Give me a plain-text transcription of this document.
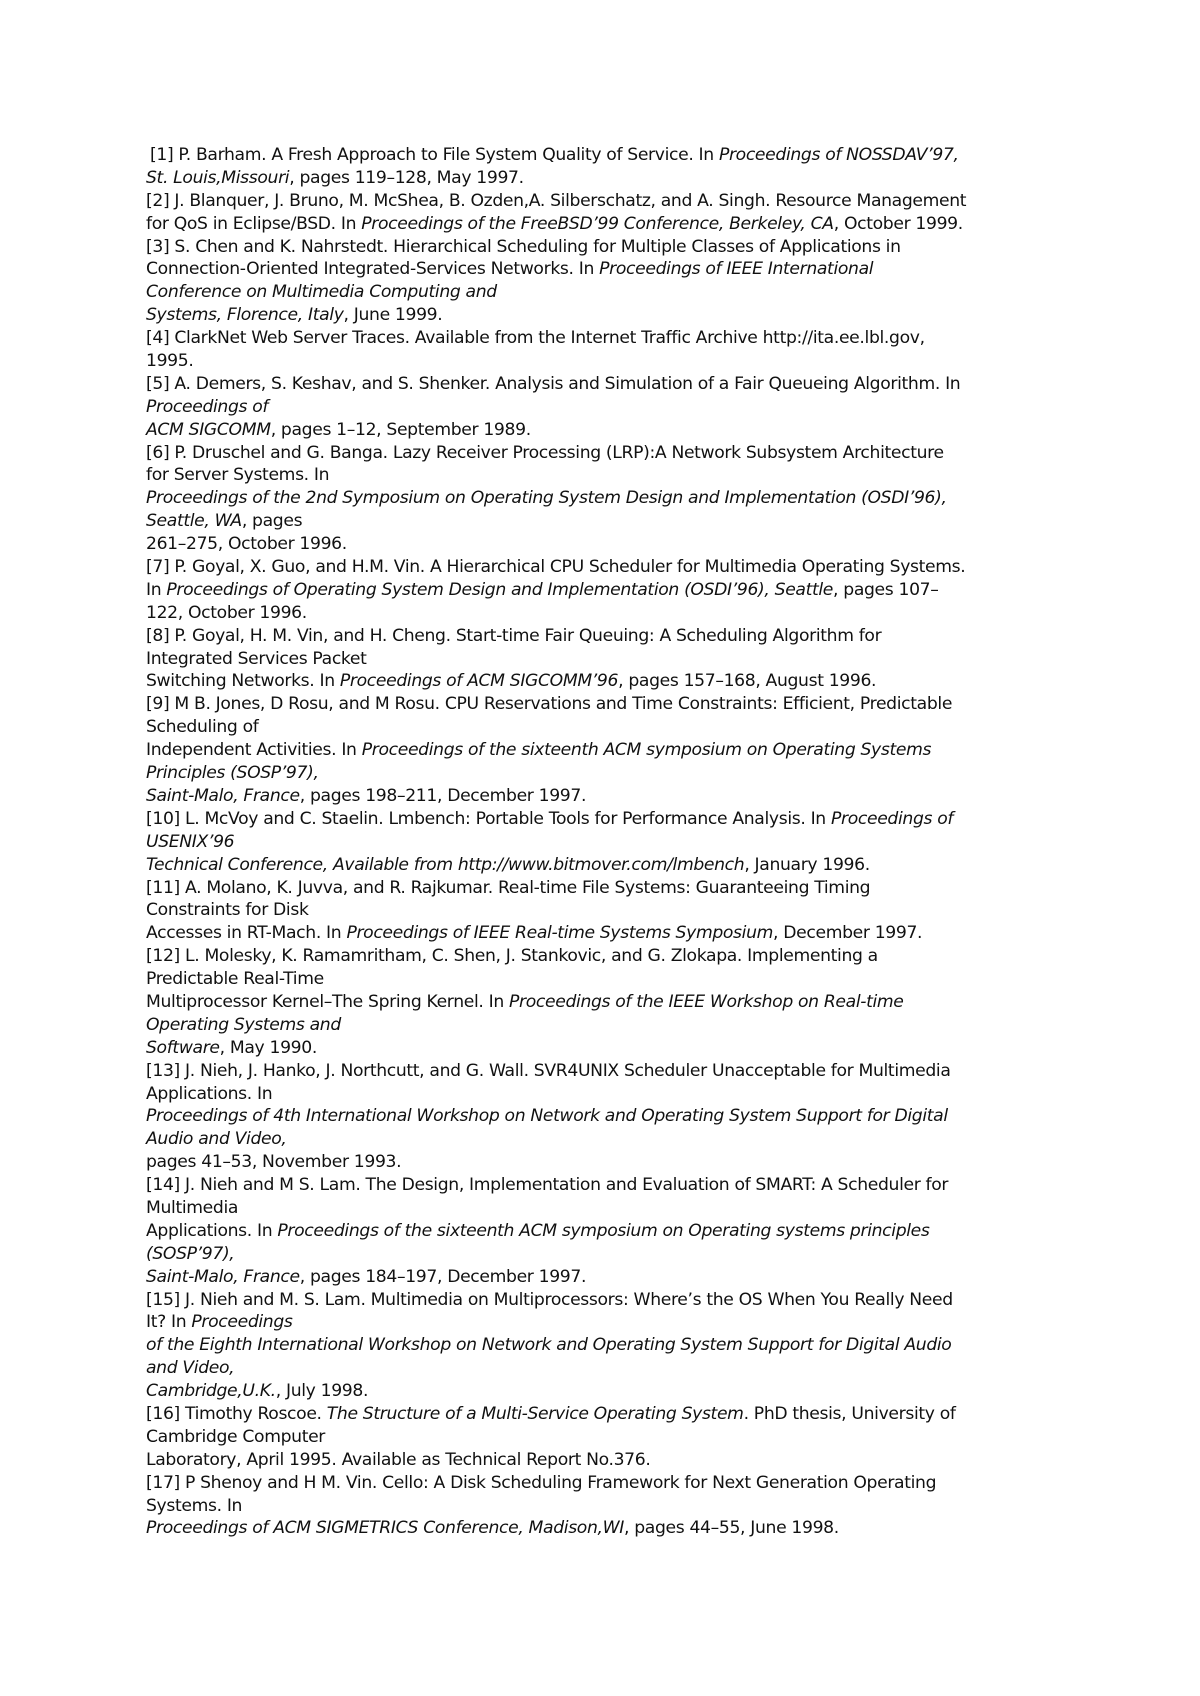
[1] P. Barham. A Fresh Approach to File System Quality of Service. In Proceedings of NOSSDAV’97,
St. Louis,Missouri, pages 119–128, May 1997.
[2] J. Blanquer, J. Bruno, M. McShea, B. Ozden,A. Silberschatz, and A. Singh. Resource Management
for QoS in Eclipse/BSD. In Proceedings of the FreeBSD’99 Conference, Berkeley, CA, October 1999.
[3] S. Chen and K. Nahrstedt. Hierarchical Scheduling for Multiple Classes of Applications in
Connection-Oriented Integrated-Services Networks. In Proceedings of IEEE International
Conference on Multimedia Computing and
Systems, Florence, Italy, June 1999.
[4] ClarkNet Web Server Traces. Available from the Internet Traffic Archive http://ita.ee.lbl.gov,
1995.
[5] A. Demers, S. Keshav, and S. Shenker. Analysis and Simulation of a Fair Queueing Algorithm. In
Proceedings of
ACM SIGCOMM, pages 1–12, September 1989.
[6] P. Druschel and G. Banga. Lazy Receiver Processing (LRP):A Network Subsystem Architecture
for Server Systems. In
Proceedings of the 2nd Symposium on Operating System Design and Implementation (OSDI’96),
Seattle, WA, pages
261–275, October 1996.
[7] P. Goyal, X. Guo, and H.M. Vin. A Hierarchical CPU Scheduler for Multimedia Operating Systems.
In Proceedings of Operating System Design and Implementation (OSDI’96), Seattle, pages 107–
122, October 1996.
[8] P. Goyal, H. M. Vin, and H. Cheng. Start-time Fair Queuing: A Scheduling Algorithm for
Integrated Services Packet
Switching Networks. In Proceedings of ACM SIGCOMM’96, pages 157–168, August 1996.
[9] M B. Jones, D Rosu, and M Rosu. CPU Reservations and Time Constraints: Efficient, Predictable
Scheduling of
Independent Activities. In Proceedings of the sixteenth ACM symposium on Operating Systems
Principles (SOSP’97),
Saint-Malo, France, pages 198–211, December 1997.
[10] L. McVoy and C. Staelin. Lmbench: Portable Tools for Performance Analysis. In Proceedings of
USENIX’96
Technical Conference, Available from http://www.bitmover.com/lmbench, January 1996.
[11] A. Molano, K. Juvva, and R. Rajkumar. Real-time File Systems: Guaranteeing Timing
Constraints for Disk
Accesses in RT-Mach. In Proceedings of IEEE Real-time Systems Symposium, December 1997.
[12] L. Molesky, K. Ramamritham, C. Shen, J. Stankovic, and G. Zlokapa. Implementing a
Predictable Real-Time
Multiprocessor Kernel–The Spring Kernel. In Proceedings of the IEEE Workshop on Real-time
Operating Systems and
Software, May 1990.
[13] J. Nieh, J. Hanko, J. Northcutt, and G. Wall. SVR4UNIX Scheduler Unacceptable for Multimedia
Applications. In
Proceedings of 4th International Workshop on Network and Operating System Support for Digital
Audio and Video,
pages 41–53, November 1993.
[14] J. Nieh and M S. Lam. The Design, Implementation and Evaluation of SMART: A Scheduler for
Multimedia
Applications. In Proceedings of the sixteenth ACM symposium on Operating systems principles
(SOSP’97),
Saint-Malo, France, pages 184–197, December 1997.
[15] J. Nieh and M. S. Lam. Multimedia on Multiprocessors: Where’s the OS When You Really Need
It? In Proceedings
of the Eighth International Workshop on Network and Operating System Support for Digital Audio
and Video,
Cambridge,U.K., July 1998.
[16] Timothy Roscoe. The Structure of a Multi-Service Operating System. PhD thesis, University of
Cambridge Computer
Laboratory, April 1995. Available as Technical Report No.376.
[17] P Shenoy and H M. Vin. Cello: A Disk Scheduling Framework for Next Generation Operating
Systems. In
Proceedings of ACM SIGMETRICS Conference, Madison,WI, pages 44–55, June 1998.
